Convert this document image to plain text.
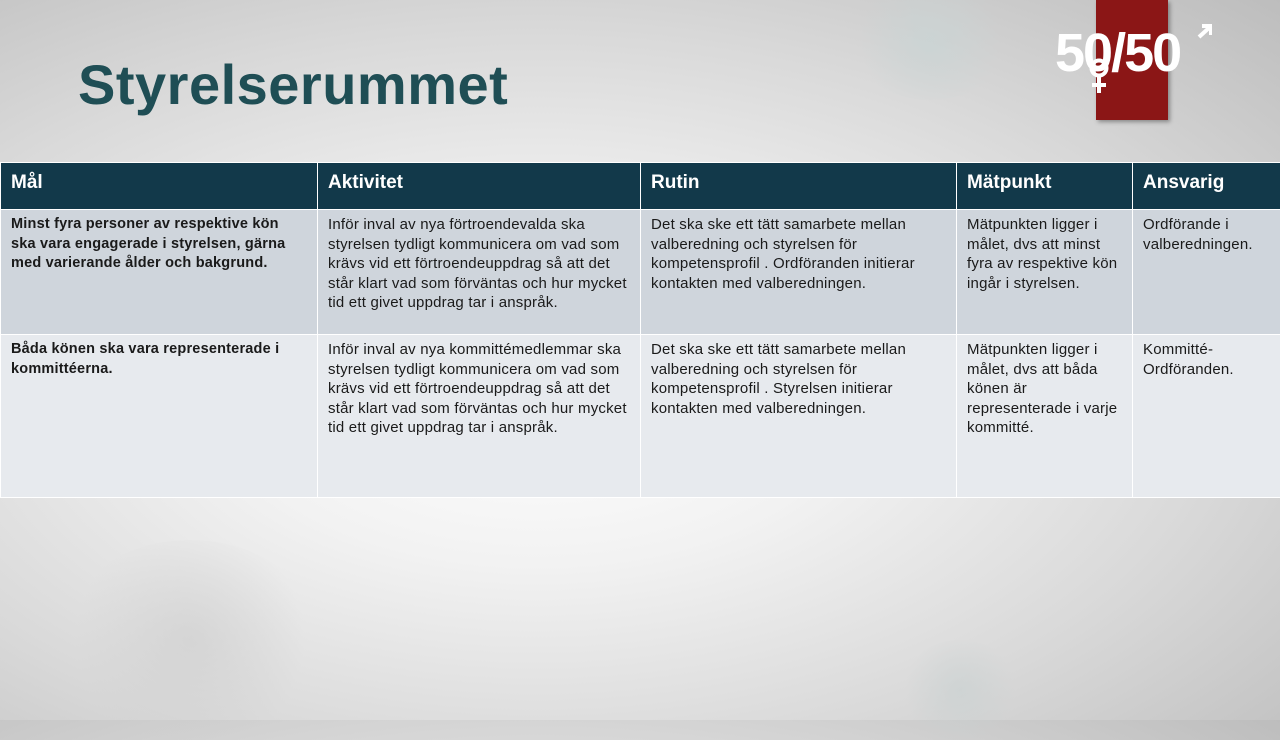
Styrelserummet	50/50
Mål	Aktivitet	Rutin	Mätpunkt	Ansvarig
Minst fyra personer av respektive kön ska vara engagerade i styrelsen, gärna med varierande ålder och bakgrund.	Inför inval av nya förtroendevalda ska styrelsen tydligt kommunicera om vad som krävs vid ett förtroendeuppdrag så att det står klart vad som förväntas och hur mycket tid ett givet uppdrag tar i anspråk.	Det ska ske ett tätt samarbete mellan valberedning och styrelsen för kompetensprofil . Ordföranden initierar kontakten med valberedningen.	Mätpunkten ligger i målet, dvs att minst fyra av respektive kön ingår i styrelsen.	Ordförande i valberedningen.
Båda könen ska vara representerade i kommittéerna.	Inför inval av nya kommittémedlemmar ska styrelsen tydligt kommunicera om vad som krävs vid ett förtroendeuppdrag så att det står klart vad som förväntas och hur mycket tid ett givet uppdrag tar i anspråk.	Det ska ske ett tätt samarbete mellan valberedning och styrelsen för kompetensprofil . Styrelsen initierar kontakten med valberedningen.	Mätpunkten ligger i målet, dvs att båda könen är representerade i varje kommitté.	Kommitté-Ordföranden.
